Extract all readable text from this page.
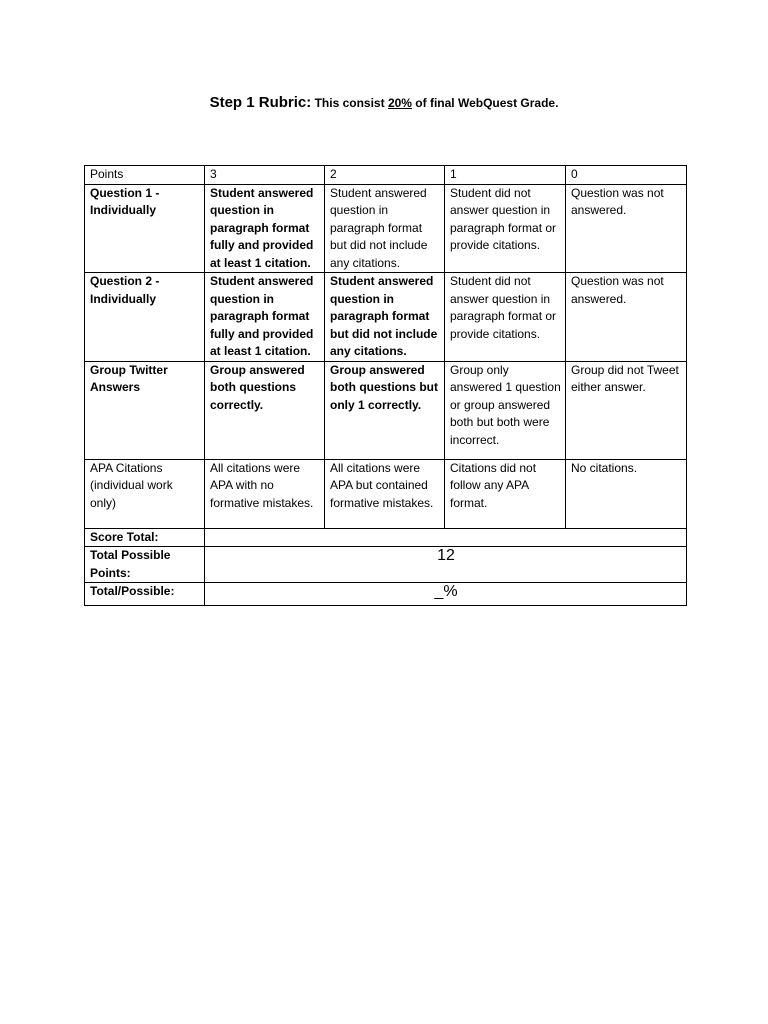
Step 1 Rubric: This consist 20% of final WebQuest Grade.
Points	3	2	1	0
Question 1 - Individually	Student answered question in paragraph format fully and provided at least 1 citation.	Student answered question in paragraph format but did not include any citations.	Student did not answer question in paragraph format or provide citations.	Question was not answered.
Question 2 - Individually	Student answered question in paragraph format fully and provided at least 1 citation.	Student answered question in paragraph format but did not include any citations.	Student did not answer question in paragraph format or provide citations.	Question was not answered.
Group Twitter Answers	Group answered both questions correctly.	Group answered both questions but only 1 correctly.	Group only answered 1 question or group answered both but both were incorrect.	Group did not Tweet either answer.
APA Citations (individual work only)	All citations were APA with no formative mistakes.	All citations were APA but contained formative mistakes.	Citations did not follow any APA format.	No citations.
Score Total:				
Total Possible Points:	12			
Total/Possible:	_%			
